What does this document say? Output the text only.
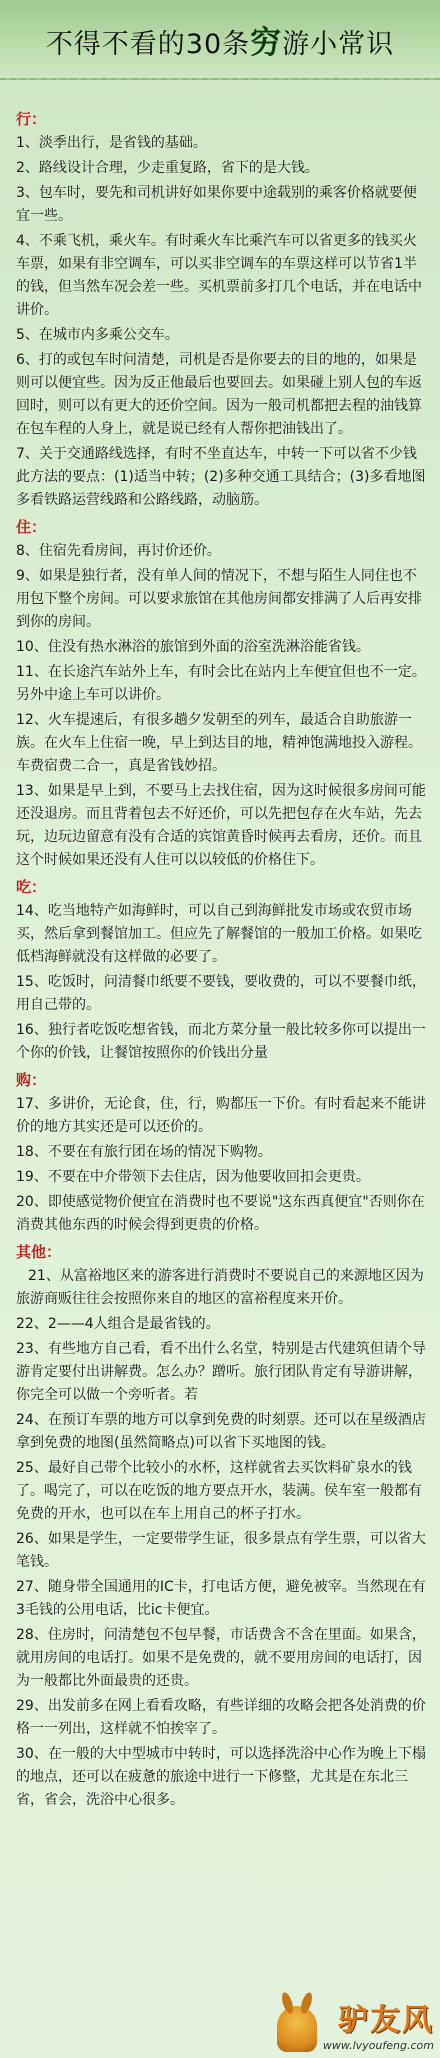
不得不看的30条穷游小常识
行：
1、淡季出行，是省钱的基础。
2、路线设计合理，少走重复路，省下的是大钱。
3、包车时，要先和司机讲好如果你要中途载别的乘客价格就要便宜一些。
4、不乘飞机，乘火车。有时乘火车比乘汽车可以省更多的钱买火车票，如果有非空调车，可以买非空调车的车票这样可以节省1半的钱，但当然车况会差一些。买机票前多打几个电话，并在电话中讲价。
5、在城市内多乘公交车。
6、打的或包车时问清楚，司机是否是你要去的目的地的，如果是则可以便宜些。因为反正他最后也要回去。如果碰上别人包的车返回时，则可以有更大的还价空间。因为一般司机都把去程的油钱算在包车程的人身上，就是说已经有人帮你把油钱出了。
7、关于交通路线选择，有时不坐直达车，中转一下可以省不少钱此方法的要点：(1)适当中转；(2)多种交通工具结合；(3)多看地图多看铁路运营线路和公路线路，动脑筋。
住：
8、住宿先看房间，再讨价还价。
9、如果是独行者，没有单人间的情况下，不想与陌生人同住也不用包下整个房间。可以要求旅馆在其他房间都安排满了人后再安排到你的房间。
10、住没有热水淋浴的旅馆到外面的浴室洗淋浴能省钱。
11、在长途汽车站外上车，有时会比在站内上车便宜但也不一定。另外中途上车可以讲价。
12、火车提速后，有很多趟夕发朝至的列车，最适合自助旅游一族。在火车上住宿一晚，早上到达目的地，精神饱满地投入游程。车费宿费二合一，真是省钱妙招。
13、如果是早上到，不要马上去找住宿，因为这时候很多房间可能还没退房。而且背着包去不好还价，可以先把包存在火车站，先去玩，边玩边留意有没有合适的宾馆黄昏时候再去看房，还价。而且这个时候如果还没有人住可以以较低的价格住下。
吃：
14、吃当地特产如海鲜时，可以自己到海鲜批发市场或农贸市场买，然后拿到餐馆加工。但应先了解餐馆的一般加工价格。如果吃低档海鲜就没有这样做的必要了。
15、吃饭时，问清餐巾纸要不要钱，要收费的，可以不要餐巾纸，用自己带的。
16、独行者吃饭吃想省钱，而北方菜分量一般比较多你可以提出一个你的价钱，让餐馆按照你的价钱出分量
购：
17、多讲价，无论食，住，行，购都压一下价。有时看起来不能讲价的地方其实还是可以还价的。
18、不要在有旅行团在场的情况下购物。
19、不要在中介带领下去住店，因为他要收回扣会更贵。
20、即使感觉物价便宜在消费时也不要说"这东西真便宜"否则你在消费其他东西的时候会得到更贵的价格。
其他：
21、从富裕地区来的游客进行消费时不要说自己的来源地区因为旅游商贩往往会按照你来自的地区的富裕程度来开价。
22、2——4人组合是最省钱的。
23、有些地方自己看，看不出什么名堂，特别是古代建筑但请个导游肯定要付出讲解费。怎么办？蹭听。旅行团队肯定有导游讲解，你完全可以做一个旁听者。若
24、在预订车票的地方可以拿到免费的时刻票。还可以在星级酒店拿到免费的地图(虽然简略点)可以省下买地图的钱。
25、最好自己带个比较小的水杯，这样就省去买饮料矿泉水的钱了。喝完了，可以在吃饭的地方要点开水，装满。侯车室一般都有免费的开水，也可以在车上用自己的杯子打水。
26、如果是学生，一定要带学生证，很多景点有学生票，可以省大笔钱。
27、随身带全国通用的IC卡，打电话方便，避免被宰。当然现在有3毛钱的公用电话，比ic卡便宜。
28、住房时，问清楚包不包早餐，市话费含不含在里面。如果含，就用房间的电话打。如果不是免费的，就不要用房间的电话打，因为一般都比外面最贵的还贵。
29、出发前多在网上看看攻略，有些详细的攻略会把各处消费的价格一一列出，这样就不怕挨宰了。
30、在一般的大中型城市中转时，可以选择洗浴中心作为晚上下榻的地点，还可以在疲惫的旅途中进行一下修整，尤其是在东北三省，省会，洗浴中心很多。
驴友风
www.lvyoufeng.com
